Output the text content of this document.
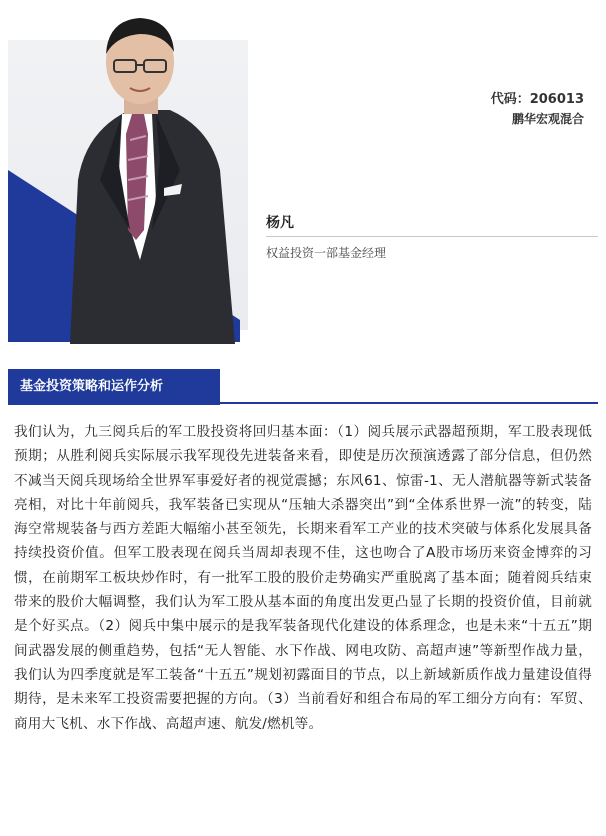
代码：206013
鹏华宏观混合
杨凡
权益投资一部基金经理
基金投资策略和运作分析
我们认为，九三阅兵后的军工股投资将回归基本面：（1）阅兵展示武器超预期，军工股表现低预期；从胜利阅兵实际展示我军现役先进装备来看，即使是历次预演透露了部分信息，但仍然不减当天阅兵现场给全世界军事爱好者的视觉震撼；东风61、惊雷-1、无人潜航器等新式装备亮相，对比十年前阅兵，我军装备已实现从“压轴大杀器突出”到“全体系世界一流”的转变，陆海空常规装备与西方差距大幅缩小甚至领先，长期来看军工产业的技术突破与体系化发展具备持续投资价值。但军工股表现在阅兵当周却表现不佳，这也吻合了A股市场历来资金博弈的习惯，在前期军工板块炒作时，有一批军工股的股价走势确实严重脱离了基本面；随着阅兵结束带来的股价大幅调整，我们认为军工股从基本面的角度出发更凸显了长期的投资价值，目前就是个好买点。（2）阅兵中集中展示的是我军装备现代化建设的体系理念，也是未来“十五五”期间武器发展的侧重趋势，包括“无人智能、水下作战、网电攻防、高超声速”等新型作战力量，我们认为四季度就是军工装备“十五五”规划初露面目的节点，以上新域新质作战力量建设值得期待，是未来军工投资需要把握的方向。（3）当前看好和组合布局的军工细分方向有：军贸、商用大飞机、水下作战、高超声速、航发/燃机等。
